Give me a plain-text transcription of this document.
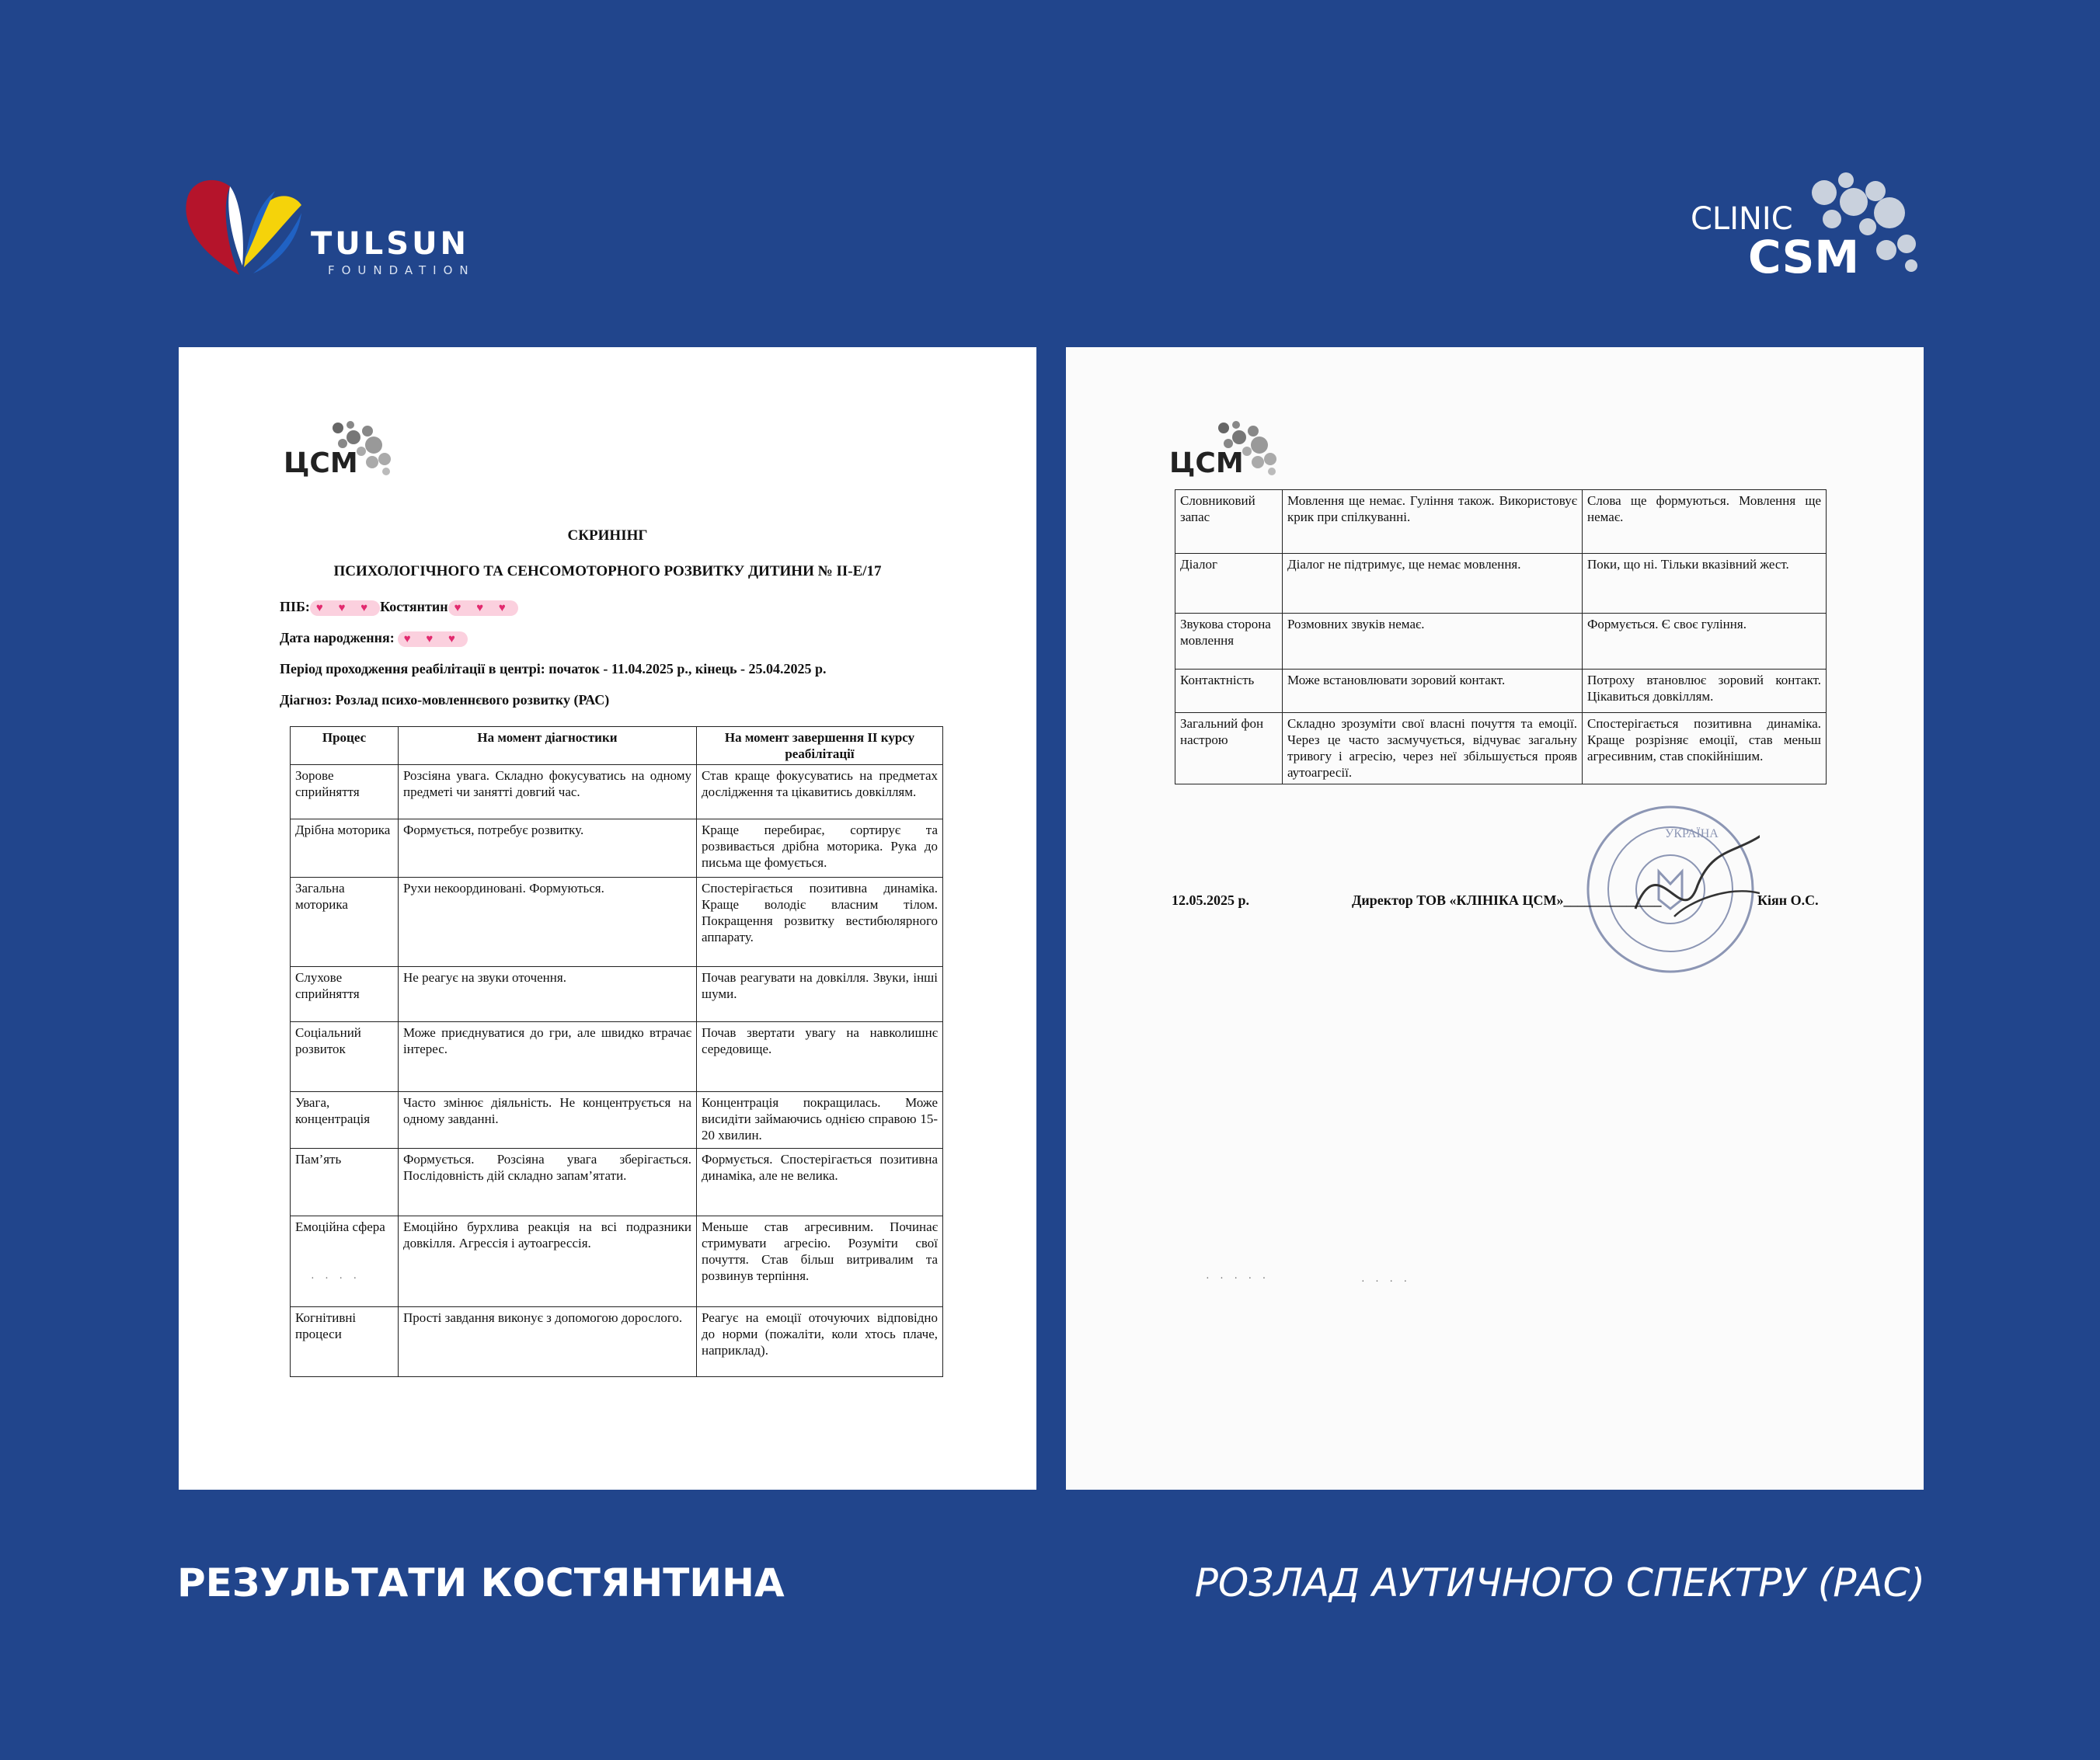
TULSUN
FOUNDATION
CLINIC
CSM
ЦСМ
СКРИНІНГ
ПСИХОЛОГІЧНОГО ТА СЕНСОМОТОРНОГО РОЗВИТКУ ДИТИНИ № ІІ-Е/17
ПІБ: ♥ ♥ ♥ Костянтин ♥ ♥ ♥
Дата народження: ♥ ♥ ♥
Період проходження реабілітації в центрі: початок - 11.04.2025 р., кінець - 25.04.2025 р.
Діагноз: Розлад психо-мовленнєвого розвитку (РАС)
Процес	На момент діагностики	На момент завершення ІІ курсу реабілітації
Зорове сприйняття	Розсіяна увага. Складно фокусуватись на одному предметі чи занятті довгий час.	Став краще фокусуватись на предметах дослідження та цікавитись довкіллям.
Дрібна моторика	Формується, потребує розвитку.	Краще перебирає, сортирує та розвивається дрібна моторика. Рука до письма ще фомується.
Загальна моторика	Рухи некоординовані. Формуються.	Спостерігається позитивна динаміка. Краще володіє власним тілом. Покращення розвитку вестибюлярного аппарату.
Слухове сприйняття	Не реагує на звуки оточення.	Почав реагувати на довкілля. Звуки, інші шуми.
Соціальний розвиток	Може приєднуватися до гри, але швидко втрачає інтерес.	Почав звертати увагу на навколишнє середовище.
Увага, концентрація	Часто змінює діяльність. Не концентрується на одному завданні.	Концентрація покращилась. Може висидіти займаючись однією справою 15-20 хвилин.
Пам’ять	Формується. Розсіяна увага зберігається. Послідовність дій складно запам’ятати.	Формується. Спостерігається позитивна динаміка, але не велика.
Емоційна сфера	Емоційно бурхлива реакція на всі подразники довкілля. Агрессія і аутоагрессія.	Меньше став агресивним. Починає стримувати агресію. Розуміти свої почуття. Став більш витривалим та розвинув терпіння.
Когнітивні процеси	Прості завдання виконує з допомогою дорослого.	Реагує на емоції оточуючих відповідно до норми (пожаліти, коли хтось плаче, наприклад).
· · · ·
ЦСМ
Словниковий запас	Мовлення ще немає. Гуління також. Використовує крик при спілкуванні.	Слова ще формуються. Мовлення ще немає.
Діалог	Діалог не підтримує, ще немає мовлення.	Поки, що ні. Тільки вказівний жест.
Звукова сторона мовлення	Розмовних звуків немає.	Формується. Є своє гуління.
Контактність	Може встановлювати зоровий контакт.	Потроху втановлює зоровий контакт. Цікавиться довкіллям.
Загальний фон настрою	Складно зрозуміти свої власні почуття та емоції. Через це часто засмучується, відчуває загальну тривогу і агресію, через неї збільшується прояв аутоагресії.	Спостерігається позитивна динаміка. Краще розрізняє емоції, став меньш агресивним, став спокійнішим.
УКРАЇНА
12.05.2025 р.	Директор ТОВ «КЛІНІКА ЦСМ»______________	Кіян О.С.
· · · · ·	· · · ·
РЕЗУЛЬТАТИ КОСТЯНТИНА	РОЗЛАД АУТИЧНОГО СПЕКТРУ (РАС)
